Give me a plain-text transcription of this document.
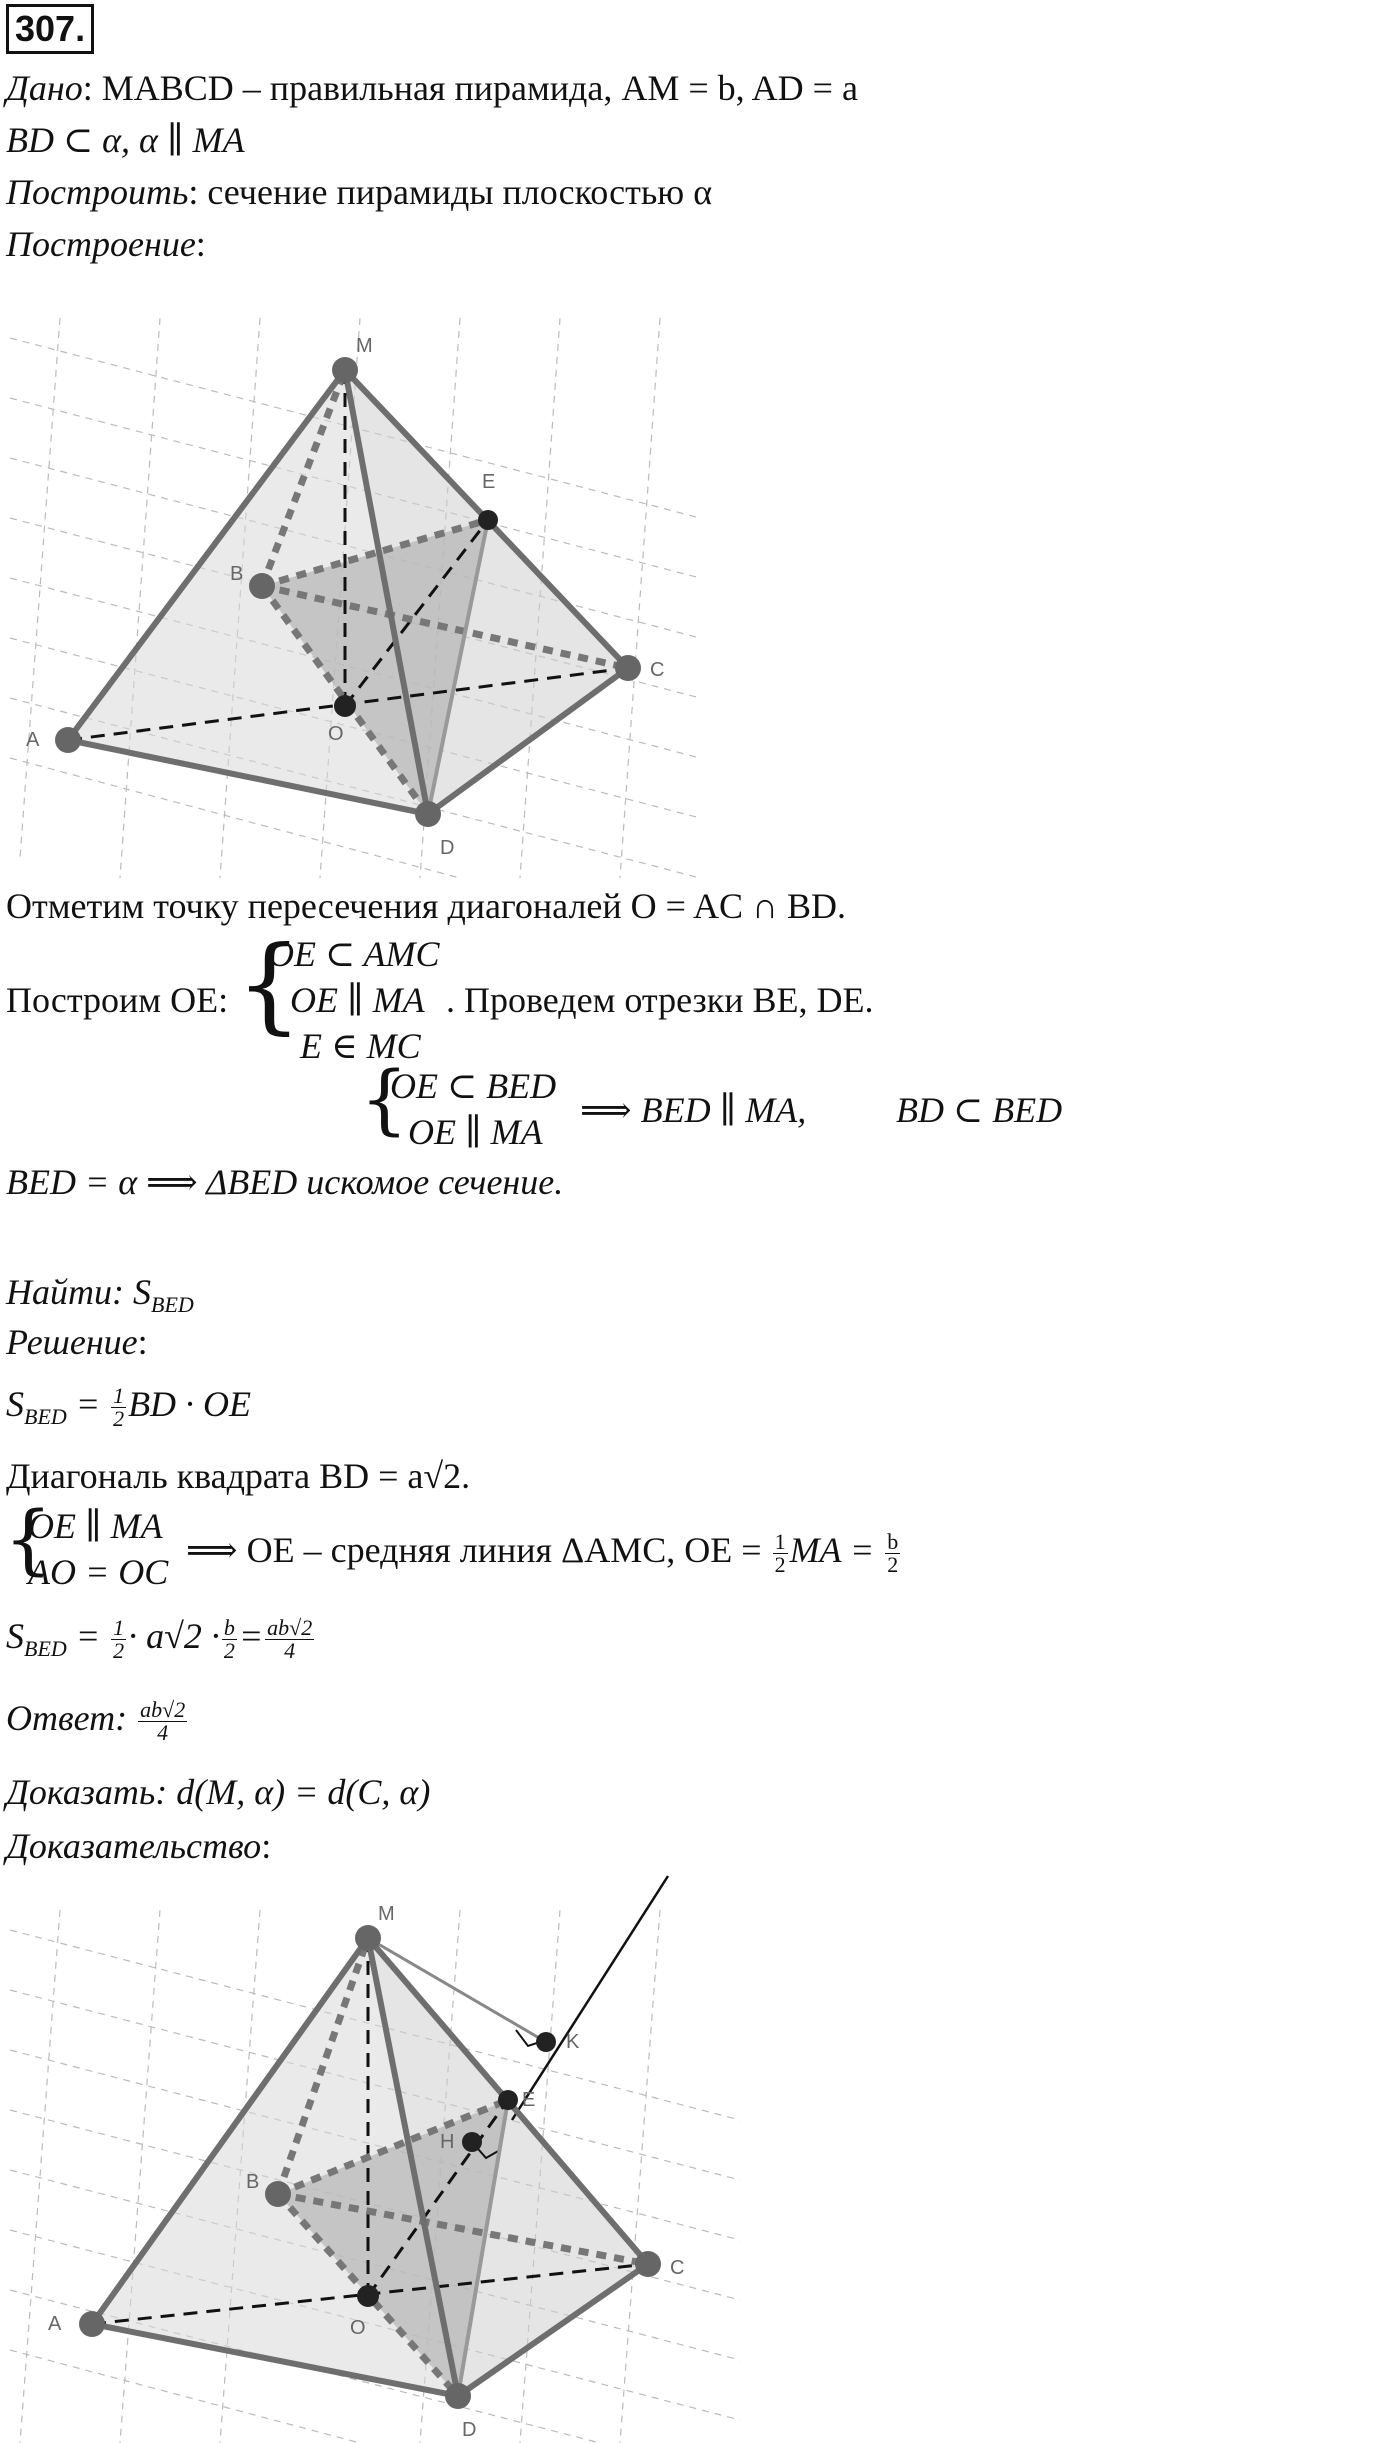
307.
Дано: MABCD – правильная пирамида, AM = b, AD = a
BD ⊂ α, α ∥ MA
Построить: сечение пирамиды плоскостью α
Построение:
M
E
B
C
O
A
D
Отметим точку пересечения диагоналей O = AC ∩ BD.
Построим OE: {
OE ⊂ AMC
OE ∥ MA
E ∈ MC
. Проведем отрезки BE, DE.
{
OE ⊂ BED
OE ∥ MA
⟹ BED ∥ MA, BD ⊂ BED
BED = α ⟹ ΔBED искомое сечение.
Найти: $S_{BED}$
Решение:
$S_{BED} = \frac{1}{2}$ BD · OE
Диагональ квадрата BD = a√2.
{
OE ∥ MA
AO = OC
⟹ OE – средняя линия ΔAMC, OE = $\frac{1}{2}$ MA = $\frac{b}{2}$
$S_{BED} = \frac{1}{2} \cdot a√2 \cdot \frac{b}{2} = \frac{ab√2}{4}$
Ответ: $\frac{ab√2}{4}$
Доказать: d(M, α) = d(C, α)
Доказательство:
M
K
E
H
B
C
O
A
D
